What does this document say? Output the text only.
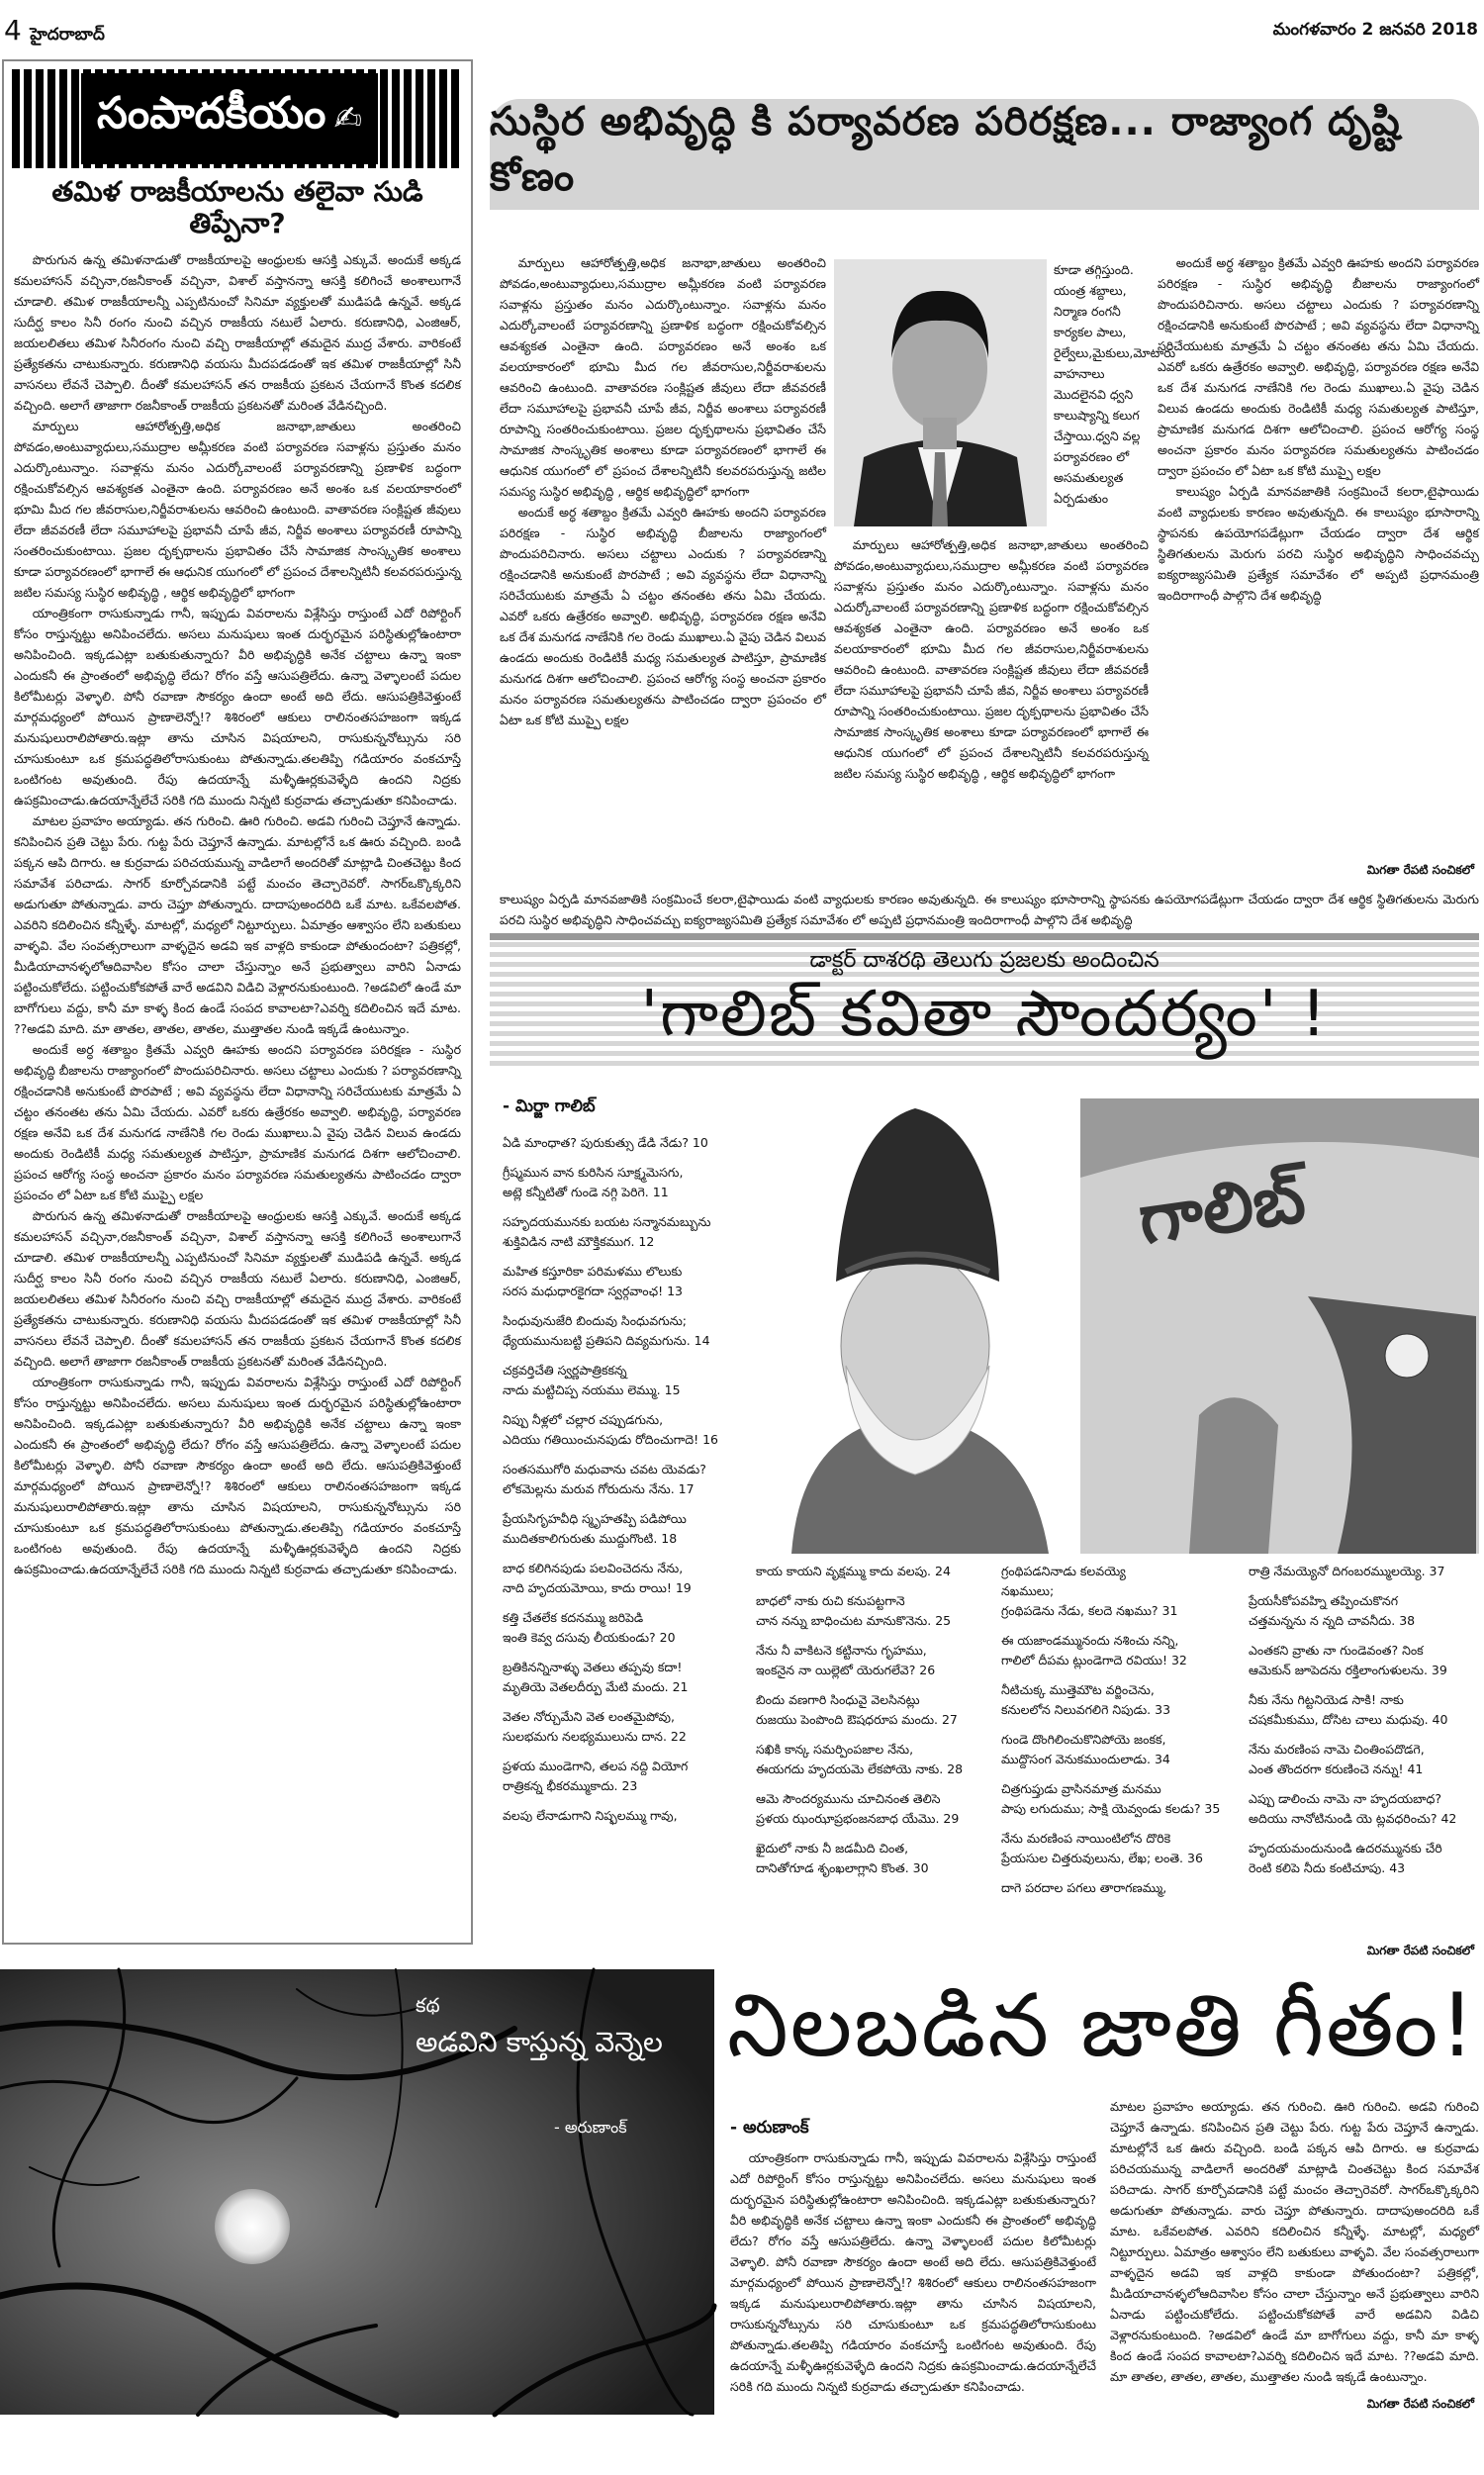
4 హైదరాబాద్	మంగళవారం 2 జనవరి 2018
సంపాదకీయం ✍
తమిళ రాజకీయాలను తలైవా సుడి తిప్పేనా?

పొరుగున ఉన్న తమిళనాడుతో రాజకీయాలపై ఆంధ్రులకు ఆసక్తి ఎక్కువే. అందుకే అక్కడ కమలహాసన్ వచ్చినా,రజనీకాంత్ వచ్చినా, విశాల్ వస్తానన్నా ఆసక్తి కలిగించే అంశాలుగానే చూడాలి. తమిళ రాజకీయాలన్నీ ఎప్పటినుంచో సినిమా వ్యక్తులతో ముడిపడి ఉన్నవే. అక్కడ సుదీర్ఘ కాలం సినీ రంగం నుంచి వచ్చిన రాజకీయ నటులే ఏలారు. కరుణానిధి, ఎంజిఆర్, జయలలితలు తమిళ సినీరంగం నుంచి వచ్చి రాజకీయాల్లో తమదైన ముద్ర వేశారు. వారికంటే ప్రత్యేకతను చాటుకున్నారు. కరుణానిధి వయసు మీదపడడంతో ఇక తమిళ రాజకీయాల్లో సినీ వాసనలు లేవనే చెప్పాలి. దీంతో కమలహాసన్ తన రాజకీయ ప్రకటన చేయగానే కొంత కదలిక వచ్చింది. అలాగే తాజాగా రజనీకాంత్ రాజకీయ ప్రకటనతో మరింత వేడినచ్చింది.

మార్పులు ఆహారోత్పత్తి,అధిక జనాభా,జాతులు అంతరించి పోవడం,అంటువ్యాధులు,సముద్రాల అమ్లీకరణ వంటి పర్యావరణ సవాళ్లను ప్రస్తుతం మనం ఎదుర్కొంటున్నాం. సవాళ్లను మనం ఎదుర్కోవాలంటే పర్యావరణాన్ని ప్రణాళిక బద్ధంగా రక్షించుకోవల్సిన ఆవశ్యకత ఎంతైనా ఉంది. పర్యావరణం అనే అంశం ఒక వలయాకారంలో భూమి మీద గల జీవరాసుల,నిర్జీవరాశులను ఆవరించి ఉంటుంది. వాతావరణ సంక్లిష్టత జీవులు లేదా జీవవరణీ లేదా సమూహాలపై ప్రభావనీ చూపే జీవ, నిర్జీవ అంశాలు పర్యావరణీ రూపాన్ని సంతరించుకుంటాయి. ప్రజల దృక్పథాలను ప్రభావితం చేసే సామాజిక సాంస్కృతిక అంశాలు కూడా పర్యావరణంలో భాగాలే ఈ ఆధునిక యుగంలో లో ప్రపంచ దేశాలన్నిటినీ కలవరపరుస్తున్న జటిల సమస్య సుస్థిర అభివృద్ధి , ఆర్థిక అభివృద్ధిలో భాగంగా

యాంత్రికంగా రాసుకున్నాడు గానీ, ఇప్పుడు వివరాలను విశ్లేసిస్తు రాస్తుంటే ఎదో రిపోర్టింగ్ కోసం రాస్తున్నట్టు అనిపించలేదు. అసలు మనుషులు ఇంత దుర్భరమైన పరిస్థితుల్లోఉంటారా అనిపించింది. ఇక్కడఎట్లా బతుకుతున్నారు? వీరి అభివృద్ధికి అనేక చట్టాలు ఉన్నా ఇంకా ఎందుకనీ ఈ ప్రాంతంలో అభివృద్ధి లేదు? రోగం వస్తే ఆసుపత్రిలేదు. ఉన్నా వెళ్ళాలంటే పదుల కిలోమీటర్లు వెళ్ళాలి. పోనీ రవాణా సౌకర్యం ఉందా అంటే అది లేదు. ఆసుపత్రికివెళ్తుంటే మార్గమధ్యంలో పోయిన ప్రాణాలెన్నో!? శిశిరంలో ఆకులు రాలినంతసహజంగా ఇక్కడ మనుషులురాలిపోతారు.ఇట్లా తాను చూసిన విషయాలని, రాసుకున్ననోట్సును సరి చూసుకుంటూ ఒక క్రమపద్ధతిలోరాసుకుంటు పోతున్నాడు.తలతిప్పి గడియారం వంకచూస్తే ఒంటిగంట అవుతుంది. రేపు ఉదయాన్నే మళ్ళీఊర్లకువెళ్ళేది ఉందని నిద్రకు ఉపక్రమించాడు.ఉదయాన్నేలేచే సరికి గది ముందు నిన్నటి కుర్రవాడు తచ్చాడుతూ కనిపించాడు.

మాటల ప్రవాహం అయ్యాడు. తన గురించి. ఊరి గురించి. అడవి గురించి చెప్తూనే ఉన్నాడు. కనిపించిన ప్రతి చెట్టు పేరు. గుట్ట పేరు చెప్తూనే ఉన్నాడు. మాటల్లోనే ఒక ఊరు వచ్చింది. బండి పక్కన ఆపి దిగారు. ఆ కుర్రవాడు పరిచయమున్న వాడిలాగే అందరితో మాట్లాడి చింతచెట్టు కింద సమావేశ పరిచాడు. సాగర్ కూర్చోవడానికి పట్టే మంచం తెచ్చారెవరో. సాగర్ఒక్కొక్కరిని అడుగుతూ పోతున్నాడు. వారు చెప్తూ పోతున్నారు. దాదాపుఅందరిది ఒకే మాట. ఒకేవలపోత. ఎవరిని కదిలించిన కన్నీళ్ళే. మాటల్లో, మధ్యలో నిట్టూర్పులు. ఏమాత్రం ఆశ్వాసం లేని బతుకులు వాళ్ళవి. వేల సంవత్సరాలుగా వాళ్ళదైన అడవి ఇక వాళ్లది కాకుండా పోతుందంటా? పత్రికల్లో, మీడియాచానళ్ళలోఆదివాసిల కోసం చాలా చేస్తున్నాం అనే ప్రభుత్వాలు వారిని ఏనాడు పట్టించుకోలేదు. పట్టించుకోకపోతే వారే అడవిని విడిచి వెళ్లారనుకుంటుంది. ?అడవిలో ఉండే మా బాగోగులు వద్దు, కానీ మా కాళ్ళ కింద ఉండే సంపద కావాలటా?ఎవర్ని కదిలించిన ఇదే మాట. ??అడవి మాది. మా తాతల, తాతల, తాతల, ముత్తాతల నుండి ఇక్కడే ఉంటున్నాం.

అందుకే అర్ధ శతాబ్దం క్రితమే ఎవ్వరి ఊహకు అందని పర్యావరణ పరిరక్షణ - సుస్థిర అభివృద్ధి బీజాలను రాజ్యాంగంలో పొందుపరిచినారు. అసలు చట్టాలు ఎందుకు ? పర్యావరణాన్ని రక్షించడానికి అనుకుంటే పొరపాటే ; అవి వ్యవస్థను లేదా విధానాన్ని సరిచేయుటకు మాత్రమే ఏ చట్టం తనంతట తను ఏమి చేయదు. ఎవరో ఒకరు ఉత్రేరకం అవ్వాలి. అభివృద్ధి, పర్యావరణ రక్షణ అనేవి ఒక దేశ మనుగడ నాణేనికి గల రెండు ముఖాలు.ఏ వైపు చెడిన విలువ ఉండదు అందుకు రెండిటికీ మధ్య సమతుల్యత పాటిస్తూ, ప్రామాణిక మనుగడ దిశగా ఆలోచించాలి. ప్రపంచ ఆరోగ్య సంస్థ అంచనా ప్రకారం మనం పర్యావరణ సమతుల్యతను పాటించడం ద్వారా ప్రపంచం లో ఏటా ఒక కోటి ముప్పై లక్షల

పొరుగున ఉన్న తమిళనాడుతో రాజకీయాలపై ఆంధ్రులకు ఆసక్తి ఎక్కువే. అందుకే అక్కడ కమలహాసన్ వచ్చినా,రజనీకాంత్ వచ్చినా, విశాల్ వస్తానన్నా ఆసక్తి కలిగించే అంశాలుగానే చూడాలి. తమిళ రాజకీయాలన్నీ ఎప్పటినుంచో సినిమా వ్యక్తులతో ముడిపడి ఉన్నవే. అక్కడ సుదీర్ఘ కాలం సినీ రంగం నుంచి వచ్చిన రాజకీయ నటులే ఏలారు. కరుణానిధి, ఎంజిఆర్, జయలలితలు తమిళ సినీరంగం నుంచి వచ్చి రాజకీయాల్లో తమదైన ముద్ర వేశారు. వారికంటే ప్రత్యేకతను చాటుకున్నారు. కరుణానిధి వయసు మీదపడడంతో ఇక తమిళ రాజకీయాల్లో సినీ వాసనలు లేవనే చెప్పాలి. దీంతో కమలహాసన్ తన రాజకీయ ప్రకటన చేయగానే కొంత కదలిక వచ్చింది. అలాగే తాజాగా రజనీకాంత్ రాజకీయ ప్రకటనతో మరింత వేడినచ్చింది.

యాంత్రికంగా రాసుకున్నాడు గానీ, ఇప్పుడు వివరాలను విశ్లేసిస్తు రాస్తుంటే ఎదో రిపోర్టింగ్ కోసం రాస్తున్నట్టు అనిపించలేదు. అసలు మనుషులు ఇంత దుర్భరమైన పరిస్థితుల్లోఉంటారా అనిపించింది. ఇక్కడఎట్లా బతుకుతున్నారు? వీరి అభివృద్ధికి అనేక చట్టాలు ఉన్నా ఇంకా ఎందుకనీ ఈ ప్రాంతంలో అభివృద్ధి లేదు? రోగం వస్తే ఆసుపత్రిలేదు. ఉన్నా వెళ్ళాలంటే పదుల కిలోమీటర్లు వెళ్ళాలి. పోనీ రవాణా సౌకర్యం ఉందా అంటే అది లేదు. ఆసుపత్రికివెళ్తుంటే మార్గమధ్యంలో పోయిన ప్రాణాలెన్నో!? శిశిరంలో ఆకులు రాలినంతసహజంగా ఇక్కడ మనుషులురాలిపోతారు.ఇట్లా తాను చూసిన విషయాలని, రాసుకున్ననోట్సును సరి చూసుకుంటూ ఒక క్రమపద్ధతిలోరాసుకుంటు పోతున్నాడు.తలతిప్పి గడియారం వంకచూస్తే ఒంటిగంట అవుతుంది. రేపు ఉదయాన్నే మళ్ళీఊర్లకువెళ్ళేది ఉందని నిద్రకు ఉపక్రమించాడు.ఉదయాన్నేలేచే సరికి గది ముందు నిన్నటి కుర్రవాడు తచ్చాడుతూ కనిపించాడు.

సుస్థిర అభివృద్ధి కి పర్యావరణ పరిరక్షణ... రాజ్యాంగ దృష్టి కోణం

మార్పులు ఆహారోత్పత్తి,అధిక జనాభా,జాతులు అంతరించి పోవడం,అంటువ్యాధులు,సముద్రాల అమ్లీకరణ వంటి పర్యావరణ సవాళ్లను ప్రస్తుతం మనం ఎదుర్కొంటున్నాం. సవాళ్లను మనం ఎదుర్కోవాలంటే పర్యావరణాన్ని ప్రణాళిక బద్ధంగా రక్షించుకోవల్సిన ఆవశ్యకత ఎంతైనా ఉంది. పర్యావరణం అనే అంశం ఒక వలయాకారంలో భూమి మీద గల జీవరాసుల,నిర్జీవరాశులను ఆవరించి ఉంటుంది. వాతావరణ సంక్లిష్టత జీవులు లేదా జీవవరణీ లేదా సమూహాలపై ప్రభావనీ చూపే జీవ, నిర్జీవ అంశాలు పర్యావరణీ రూపాన్ని సంతరించుకుంటాయి. ప్రజల దృక్పథాలను ప్రభావితం చేసే సామాజిక సాంస్కృతిక అంశాలు కూడా పర్యావరణంలో భాగాలే ఈ ఆధునిక యుగంలో లో ప్రపంచ దేశాలన్నిటినీ కలవరపరుస్తున్న జటిల సమస్య సుస్థిర అభివృద్ధి , ఆర్థిక అభివృద్ధిలో భాగంగా

అందుకే అర్ధ శతాబ్దం క్రితమే ఎవ్వరి ఊహకు అందని పర్యావరణ పరిరక్షణ - సుస్థిర అభివృద్ధి బీజాలను రాజ్యాంగంలో పొందుపరిచినారు. అసలు చట్టాలు ఎందుకు ? పర్యావరణాన్ని రక్షించడానికి అనుకుంటే పొరపాటే ; అవి వ్యవస్థను లేదా విధానాన్ని సరిచేయుటకు మాత్రమే ఏ చట్టం తనంతట తను ఏమి చేయదు. ఎవరో ఒకరు ఉత్రేరకం అవ్వాలి. అభివృద్ధి, పర్యావరణ రక్షణ అనేవి ఒక దేశ మనుగడ నాణేనికి గల రెండు ముఖాలు.ఏ వైపు చెడిన విలువ ఉండదు అందుకు రెండిటికీ మధ్య సమతుల్యత పాటిస్తూ, ప్రామాణిక మనుగడ దిశగా ఆలోచించాలి. ప్రపంచ ఆరోగ్య సంస్థ అంచనా ప్రకారం మనం పర్యావరణ సమతుల్యతను పాటించడం ద్వారా ప్రపంచం లో ఏటా ఒక కోటి ముప్పై లక్షల

కూడా తగ్గిస్తుంది. యంత్ర శబ్దాలు, నిర్మాణ రంగనీ కార్యకల పాలు, రైల్వేలు,మైకులు,మోటారు వాహనాలు మొదలైనవి ధ్వని కాలుష్యాన్ని కలుగ చేస్తాయి.ధ్వని వల్ల పర్యావరణం లో అసమతుల్యత ఏర్పడుతుం

మార్పులు ఆహారోత్పత్తి,అధిక జనాభా,జాతులు అంతరించి పోవడం,అంటువ్యాధులు,సముద్రాల అమ్లీకరణ వంటి పర్యావరణ సవాళ్లను ప్రస్తుతం మనం ఎదుర్కొంటున్నాం. సవాళ్లను మనం ఎదుర్కోవాలంటే పర్యావరణాన్ని ప్రణాళిక బద్ధంగా రక్షించుకోవల్సిన ఆవశ్యకత ఎంతైనా ఉంది. పర్యావరణం అనే అంశం ఒక వలయాకారంలో భూమి మీద గల జీవరాసుల,నిర్జీవరాశులను ఆవరించి ఉంటుంది. వాతావరణ సంక్లిష్టత జీవులు లేదా జీవవరణీ లేదా సమూహాలపై ప్రభావనీ చూపే జీవ, నిర్జీవ అంశాలు పర్యావరణీ రూపాన్ని సంతరించుకుంటాయి. ప్రజల దృక్పథాలను ప్రభావితం చేసే సామాజిక సాంస్కృతిక అంశాలు కూడా పర్యావరణంలో భాగాలే ఈ ఆధునిక యుగంలో లో ప్రపంచ దేశాలన్నిటినీ కలవరపరుస్తున్న జటిల సమస్య సుస్థిర అభివృద్ధి , ఆర్థిక అభివృద్ధిలో భాగంగా

అందుకే అర్ధ శతాబ్దం క్రితమే ఎవ్వరి ఊహకు అందని పర్యావరణ పరిరక్షణ - సుస్థిర అభివృద్ధి బీజాలను రాజ్యాంగంలో పొందుపరిచినారు. అసలు చట్టాలు ఎందుకు ? పర్యావరణాన్ని రక్షించడానికి అనుకుంటే పొరపాటే ; అవి వ్యవస్థను లేదా విధానాన్ని సరిచేయుటకు మాత్రమే ఏ చట్టం తనంతట తను ఏమి చేయదు. ఎవరో ఒకరు ఉత్రేరకం అవ్వాలి. అభివృద్ధి, పర్యావరణ రక్షణ అనేవి ఒక దేశ మనుగడ నాణేనికి గల రెండు ముఖాలు.ఏ వైపు చెడిన విలువ ఉండదు అందుకు రెండిటికీ మధ్య సమతుల్యత పాటిస్తూ, ప్రామాణిక మనుగడ దిశగా ఆలోచించాలి. ప్రపంచ ఆరోగ్య సంస్థ అంచనా ప్రకారం మనం పర్యావరణ సమతుల్యతను పాటించడం ద్వారా ప్రపంచం లో ఏటా ఒక కోటి ముప్పై లక్షల

కాలుష్యం ఏర్పడి మానవజాతికి సంక్రమించే కలరా,టైఫాయిడు వంటి వ్యాధులకు కారణం అవుతున్నది. ఈ కాలుష్యం భూసారాన్ని స్థాపనకు ఉపయోగపడేట్లుగా చేయడం ద్వారా దేశ ఆర్థిక స్థితిగతులను మెరుగు పరచి సుస్థిర అభివృద్ధిని సాధించవచ్చు ఐక్యరాజ్యసమితి ప్రత్యేక సమావేశం లో అప్పటి ప్రధానమంత్రి ఇందిరాగాంధీ పాల్గొని దేశ అభివృద్ధి

మిగతా రేపటి సంచికలో
కాలుష్యం ఏర్పడి మానవజాతికి సంక్రమించే కలరా,టైఫాయిడు వంటి వ్యాధులకు కారణం అవుతున్నది. ఈ కాలుష్యం భూసారాన్ని స్థాపనకు ఉపయోగపడేట్లుగా చేయడం ద్వారా దేశ ఆర్థిక స్థితిగతులను మెరుగు పరచి సుస్థిర అభివృద్ధిని సాధించవచ్చు ఐక్యరాజ్యసమితి ప్రత్యేక సమావేశం లో అప్పటి ప్రధానమంత్రి ఇందిరాగాంధీ పాల్గొని దేశ అభివృద్ధి
డాక్టర్ దాశరథి తెలుగు ప్రజలకు అందించిన
'గాలిబ్ కవితా సౌందర్యం' !
- మిర్జా గాలిబ్
ఏడి మాంధాత? పురుకుత్సు డేడి నేడు? 10
గ్రీష్మమున వాన కురిసిన సూక్ష్మమెసగు,
అట్లె కన్నీటితో గుండె నగ్గి పెరిగె. 11
సహృదయమునకు బయట సన్మానమబ్బును
శుక్తివిడిన నాటి మౌక్తికముగ. 12
మహిత కస్తూరికా పరిమళము లొలుకు
సరస మధుధారకైగదా స్వర్గవాంఛ! 13
సింధువునుజేరి బిందువు సింధువగును;
ధ్యేయమునుబట్టి ప్రతిపని దివ్యమగును. 14
చక్రవర్తిచేతి స్వర్ణపాత్రికకన్న
నాదు మట్టిచిప్ప నయము లెమ్ము. 15
నిప్పు నీళ్లలో చల్లార చప్పుడగును,
ఎదియు గతియించునపుడు రోదించుగాదె! 16
సంతసముగోరి మధువాను చవట యెవడు?
లోకమెల్లను మరువ గోరుదును నేను. 17
ప్రేయసిగృహవీధి స్మృహతప్పి పడిపోయి
ముదితకాలిగురుతు ముద్దుగొంటి. 18
బాధ కలిగినపుడు పలవించెదను నేను,
నాది హృదయమోయి, కాదు రాయి! 19
కత్తి చేతలేక కదనమ్ము జరిపెడి
ఇంతి కెవ్వ దసువు లీయకుండు? 20
బ్రతికినన్నినాళ్ళు వెతలు తప్పవు కదా!
మృతియె వెతలదీర్పు మేటి మందు. 21
వెతల నోర్చుమేని వెత లంతమైపోవు,
సులభమగు నలభ్యములును దాన. 22
ప్రళయ ముండెగాని, తలప నద్ది వియోగ
రాత్రికన్న భీకరమ్ముకాదు. 23
వలపు లేనాడుగాని నిష్ఫలమ్ము గావు,
గాలిబ్
కాయ కాయని వృక్షమ్ము కాదు వలపు. 24
బాధలో నాకు రుచి కనుపట్టగానె
చాన నన్ను బాధించుట మానుకొనెను. 25
నేను నీ వాకిటనె కట్టినాను గృహము,
ఇంకనైన నా యిల్లెటో యెరుగలేవె? 26
బిందు వణగారి సింధువై వెలసినట్లు
రుజయు పెంపొంది ఔషధరూప మందు. 27
సఖికి కాన్క సమర్పింపజాల నేను,
ఈయగదు హృదయమె లేకపోయె నాకు. 28
ఆమె సౌందర్యమును చూచినంత తెలిసె
ప్రళయ ఝంఝాప్రభంజనబాధ యేమొ. 29
ఖైదులో నాకు నీ జడమీది చింత,
దానితోగూడ శృంఖలాగ్లాని కొంత. 30
గ్రంథిపడనినాడు కలవయ్యె
నఖములు;
గ్రంథిపడెను నేడు, కలదె నఖము? 31
ఈ యజాండమ్మునందు నశించు నన్ని,
గాలిలో దీపమ ట్లుండెగాదె రవియు! 32
నీటిచుక్క ముత్తెమౌట వర్జించెను,
కనులలోన నిలువగలిగె నిపుడు. 33
గుండె దొంగిలించుకొనిపోయె జంకక,
ముద్దొసంగ వెనుకముందులాడు. 34
చిత్రగుప్తుడు వ్రాసినమాత్ర మనము
పాపు లగుదుము; సాక్షి యెవ్వండు కలడు? 35
నేను మరణింప నాయింటిలోన దొరికె
ప్రేయసుల చిత్తరువులును, లేఖ; లంతె. 36
దాగె పరదాల పగలు తారాగణమ్ము,
రాత్రి నేమయ్యెనో దిగంబరమ్ములయ్యె. 37
ప్రేయసీకోపవహ్ని తప్పించుకొనగ
చత్తమన్నను న న్నది చావనీదు. 38
ఎంతకని వ్రాతు నా గుండెవంత? నింక
ఆమెకున్ జూపెదను రక్తిలాంగుళులను. 39
నీకు నేను గిట్టనియెడ సాకి! నాకు
చషకమీకుము, దోసిట చాలు మధువు. 40
నేను మరణింప నామె చింతింపదొడగె,
ఎంత తొందరగా కరుణించె నన్ను! 41
ఎప్పు డాలించు నామె నా హృదయబాధ?
అదియు నానోటినుండి యె ట్లవధరించు? 42
హృదయమందునుండి ఉదరమ్మునకు చేరి
రెంటి కలిపె నీదు కంటిచూపు. 43
మిగతా రేపటి సంచికలో
కథ
అడవిని కాస్తున్న వెన్నెల
- అరుణాంక్
నిలబడిన జాతి గీతం!
- అరుణాంక్

యాంత్రికంగా రాసుకున్నాడు గానీ, ఇప్పుడు వివరాలను విశ్లేసిస్తు రాస్తుంటే ఎదో రిపోర్టింగ్ కోసం రాస్తున్నట్టు అనిపించలేదు. అసలు మనుషులు ఇంత దుర్భరమైన పరిస్థితుల్లోఉంటారా అనిపించింది. ఇక్కడఎట్లా బతుకుతున్నారు? వీరి అభివృద్ధికి అనేక చట్టాలు ఉన్నా ఇంకా ఎందుకనీ ఈ ప్రాంతంలో అభివృద్ధి లేదు? రోగం వస్తే ఆసుపత్రిలేదు. ఉన్నా వెళ్ళాలంటే పదుల కిలోమీటర్లు వెళ్ళాలి. పోనీ రవాణా సౌకర్యం ఉందా అంటే అది లేదు. ఆసుపత్రికివెళ్తుంటే మార్గమధ్యంలో పోయిన ప్రాణాలెన్నో!? శిశిరంలో ఆకులు రాలినంతసహజంగా ఇక్కడ మనుషులురాలిపోతారు.ఇట్లా తాను చూసిన విషయాలని, రాసుకున్ననోట్సును సరి చూసుకుంటూ ఒక క్రమపద్ధతిలోరాసుకుంటు పోతున్నాడు.తలతిప్పి గడియారం వంకచూస్తే ఒంటిగంట అవుతుంది. రేపు ఉదయాన్నే మళ్ళీఊర్లకువెళ్ళేది ఉందని నిద్రకు ఉపక్రమించాడు.ఉదయాన్నేలేచే సరికి గది ముందు నిన్నటి కుర్రవాడు తచ్చాడుతూ కనిపించాడు.

మాటల ప్రవాహం అయ్యాడు. తన గురించి. ఊరి గురించి. అడవి గురించి చెప్తూనే ఉన్నాడు. కనిపించిన ప్రతి చెట్టు పేరు. గుట్ట పేరు చెప్తూనే ఉన్నాడు. మాటల్లోనే ఒక ఊరు వచ్చింది. బండి పక్కన ఆపి దిగారు. ఆ కుర్రవాడు పరిచయమున్న వాడిలాగే అందరితో మాట్లాడి చింతచెట్టు కింద సమావేశ పరిచాడు. సాగర్ కూర్చోవడానికి పట్టే మంచం తెచ్చారెవరో. సాగర్ఒక్కొక్కరిని అడుగుతూ పోతున్నాడు. వారు చెప్తూ పోతున్నారు. దాదాపుఅందరిది ఒకే మాట. ఒకేవలపోత. ఎవరిని కదిలించిన కన్నీళ్ళే. మాటల్లో, మధ్యలో నిట్టూర్పులు. ఏమాత్రం ఆశ్వాసం లేని బతుకులు వాళ్ళవి. వేల సంవత్సరాలుగా వాళ్ళదైన అడవి ఇక వాళ్లది కాకుండా పోతుందంటా? పత్రికల్లో, మీడియాచానళ్ళలోఆదివాసిల కోసం చాలా చేస్తున్నాం అనే ప్రభుత్వాలు వారిని ఏనాడు పట్టించుకోలేదు. పట్టించుకోకపోతే వారే అడవిని విడిచి వెళ్లారనుకుంటుంది. ?అడవిలో ఉండే మా బాగోగులు వద్దు, కానీ మా కాళ్ళ కింద ఉండే సంపద కావాలటా?ఎవర్ని కదిలించిన ఇదే మాట. ??అడవి మాది. మా తాతల, తాతల, తాతల, ముత్తాతల నుండి ఇక్కడే ఉంటున్నాం.

మిగతా రేపటి సంచికలో
